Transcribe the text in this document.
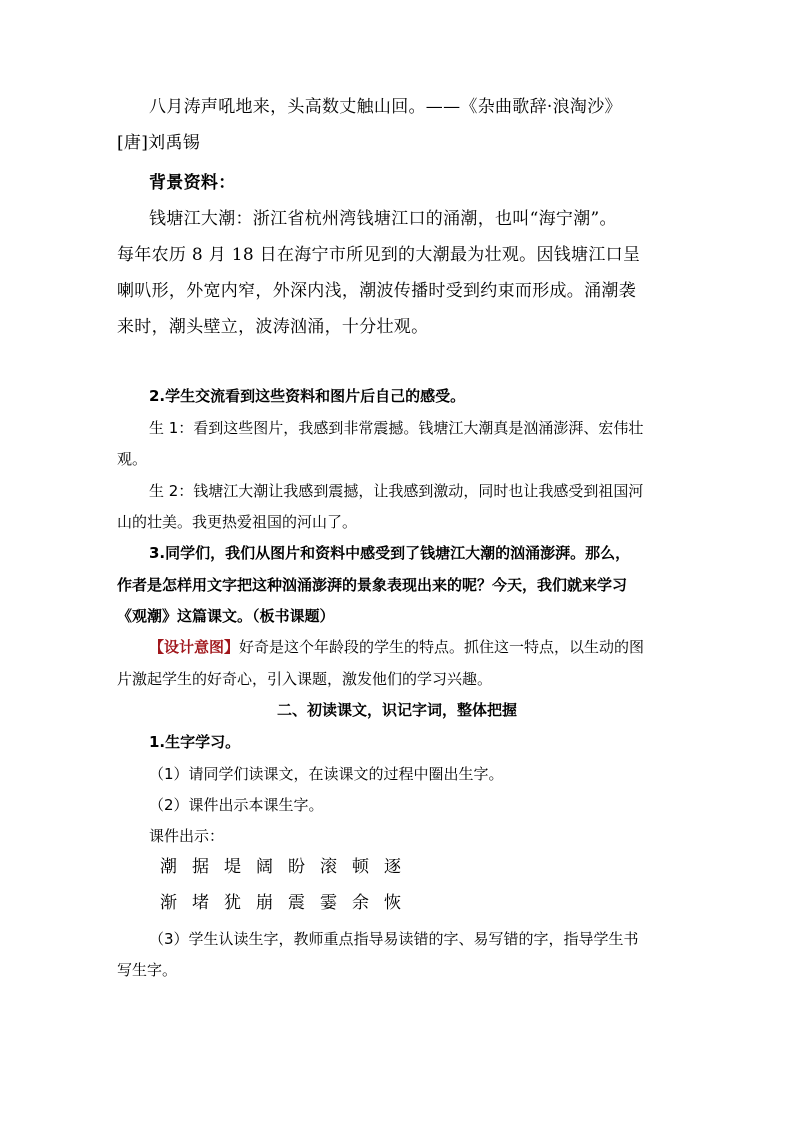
八月涛声吼地来，头高数丈触山回。——《杂曲歌辞·浪淘沙》
[唐]刘禹锡
背景资料：
钱塘江大潮：浙江省杭州湾钱塘江口的涌潮，也叫“海宁潮”。
每年农历 8 月 18 日在海宁市所见到的大潮最为壮观。因钱塘江口呈
喇叭形，外宽内窄，外深内浅，潮波传播时受到约束而形成。涌潮袭
来时，潮头壁立，波涛汹涌，十分壮观。
2.学生交流看到这些资料和图片后自己的感受。
生 1：看到这些图片，我感到非常震撼。钱塘江大潮真是汹涌澎湃、宏伟壮
观。
生 2：钱塘江大潮让我感到震撼，让我感到激动，同时也让我感受到祖国河
山的壮美。我更热爱祖国的河山了。
3.同学们，我们从图片和资料中感受到了钱塘江大潮的汹涌澎湃。那么，
作者是怎样用文字把这种汹涌澎湃的景象表现出来的呢？今天，我们就来学习
《观潮》这篇课文。（板书课题）
【设计意图】好奇是这个年龄段的学生的特点。抓住这一特点，以生动的图
片激起学生的好奇心，引入课题，激发他们的学习兴趣。
二、初读课文，识记字词，整体把握
1.生字学习。
（1）请同学们读课文，在读课文的过程中圈出生字。
（2）课件出示本课生字。
课件出示：
潮 据 堤 阔 盼 滚 顿 逐
渐 堵 犹 崩 震 霎 余 恢
（3）学生认读生字，教师重点指导易读错的字、易写错的字，指导学生书
写生字。
